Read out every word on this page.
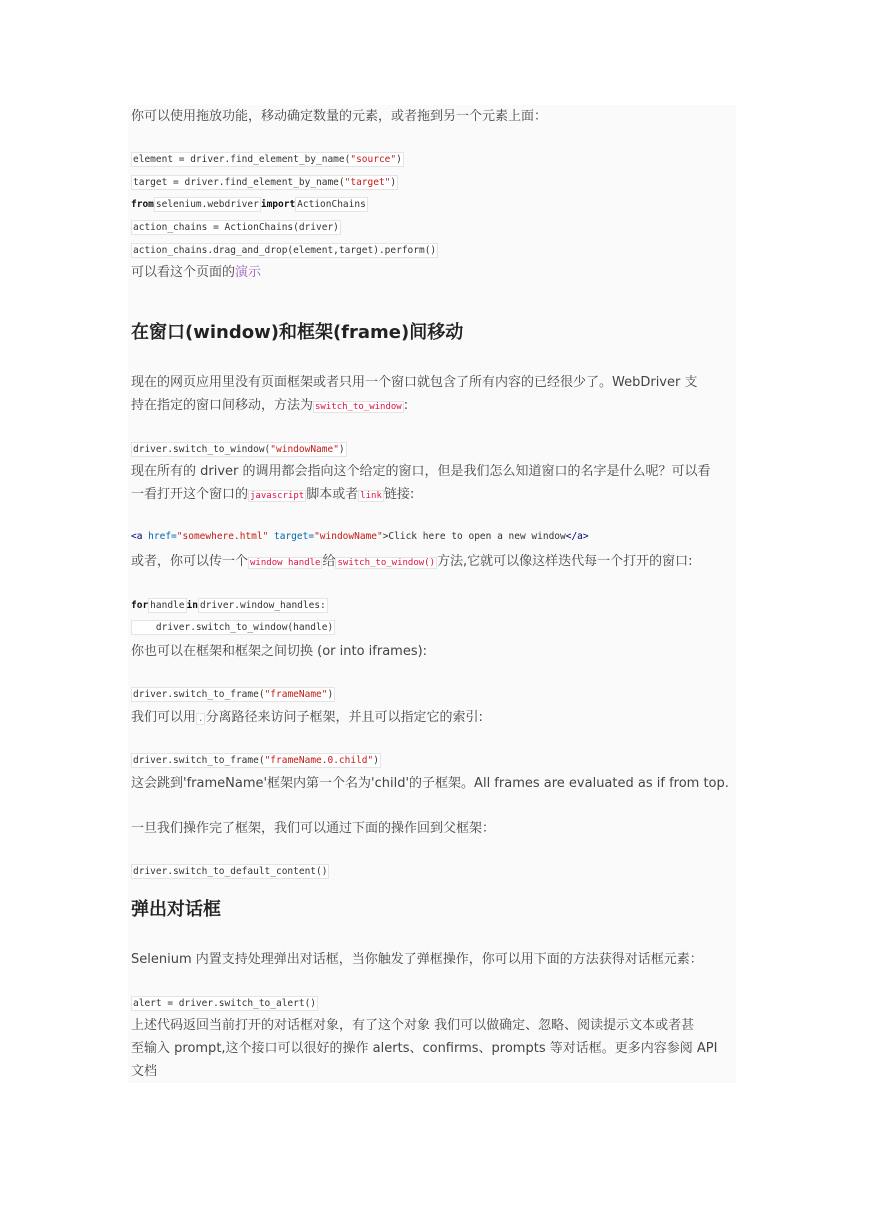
你可以使用拖放功能，移动确定数量的元素，或者拖到另一个元素上面：
element = driver.find_element_by_name("source")
target = driver.find_element_by_name("target")
fromselenium.webdriverimportActionChains
action_chains = ActionChains(driver)
action_chains.drag_and_drop(element,target).perform()
可以看这个页面的演示
在窗口(window)和框架(frame)间移动
现在的网页应用里没有页面框架或者只用一个窗口就包含了所有内容的已经很少了。WebDriver 支
持在指定的窗口间移动，方法为 switch_to_window :
driver.switch_to_window("windowName")
现在所有的 driver 的调用都会指向这个给定的窗口，但是我们怎么知道窗口的名字是什么呢？可以看
一看打开这个窗口的 javascript 脚本或者 link 链接:
<a href="somewhere.html" target="windowName">Click here to open a new window</a>
或者，你可以传一个 window handle 给 switch_to_window() 方法,它就可以像这样迭代每一个打开的窗口:
forhandleindriver.window_handles:
driver.switch_to_window(handle)
你也可以在框架和框架之间切换 (or into iframes):
driver.switch_to_frame("frameName")
我们可以用 . 分离路径来访问子框架，并且可以指定它的索引:
driver.switch_to_frame("frameName.0.child")
这会跳到'frameName'框架内第一个名为'child'的子框架。All frames are evaluated as if from top.
一旦我们操作完了框架，我们可以通过下面的操作回到父框架：
driver.switch_to_default_content()
弹出对话框
Selenium 内置支持处理弹出对话框，当你触发了弹框操作，你可以用下面的方法获得对话框元素：
alert = driver.switch_to_alert()
上述代码返回当前打开的对话框对象，有了这个对象 我们可以做确定、忽略、阅读提示文本或者甚
至输入 prompt,这个接口可以很好的操作 alerts、confirms、prompts 等对话框。更多内容参阅 API
文档
